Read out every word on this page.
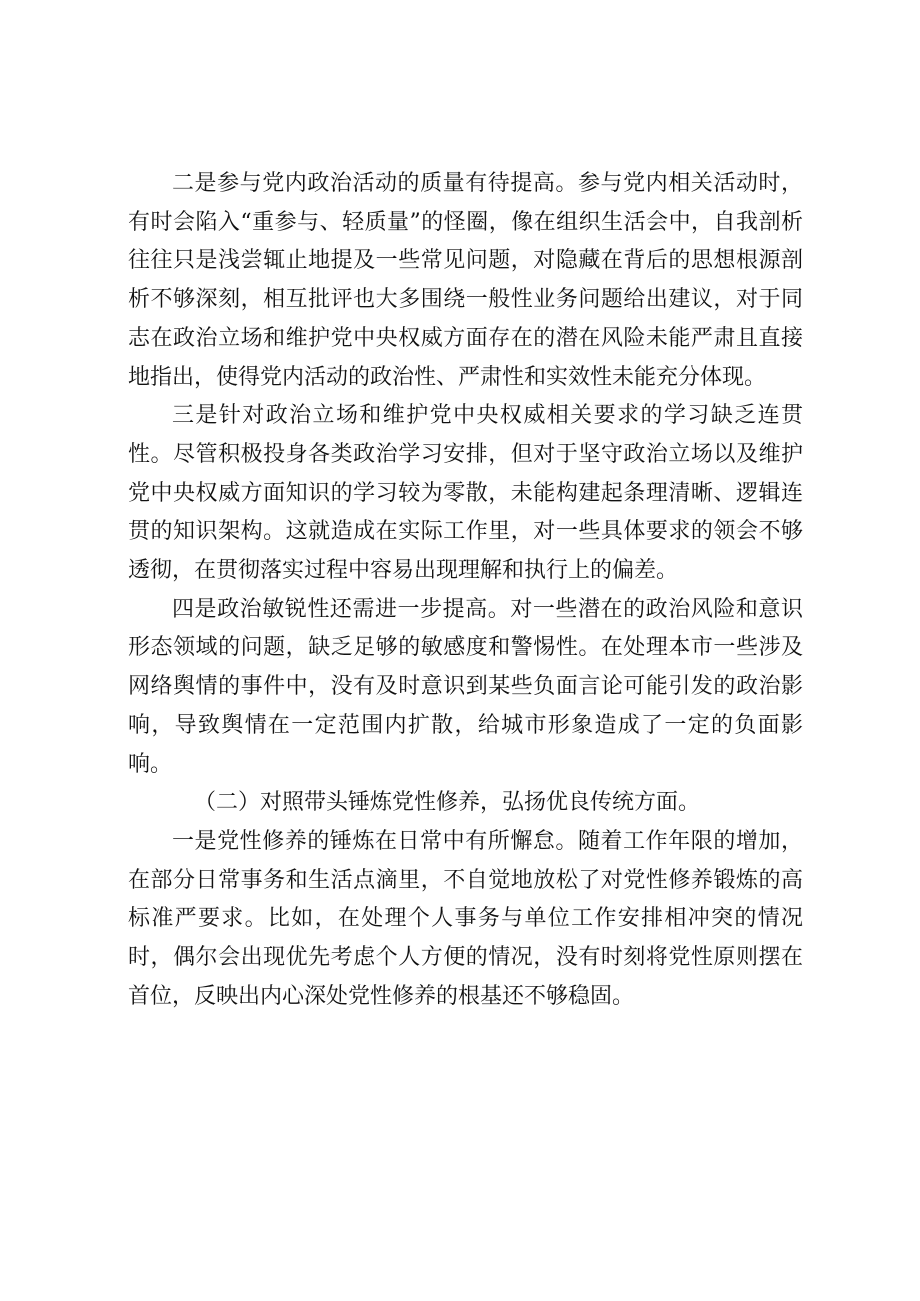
二是参与党内政治活动的质量有待提高。参与党内相关活动时，有时会陷入“重参与、轻质量”的怪圈，像在组织生活会中，自我剖析往往只是浅尝辄止地提及一些常见问题，对隐藏在背后的思想根源剖析不够深刻，相互批评也大多围绕一般性业务问题给出建议，对于同志在政治立场和维护党中央权威方面存在的潜在风险未能严肃且直接地指出，使得党内活动的政治性、严肃性和实效性未能充分体现。

三是针对政治立场和维护党中央权威相关要求的学习缺乏连贯性。尽管积极投身各类政治学习安排，但对于坚守政治立场以及维护党中央权威方面知识的学习较为零散，未能构建起条理清晰、逻辑连贯的知识架构。这就造成在实际工作里，对一些具体要求的领会不够透彻，在贯彻落实过程中容易出现理解和执行上的偏差。

四是政治敏锐性还需进一步提高。对一些潜在的政治风险和意识形态领域的问题，缺乏足够的敏感度和警惕性。在处理本市一些涉及网络舆情的事件中，没有及时意识到某些负面言论可能引发的政治影响，导致舆情在一定范围内扩散，给城市形象造成了一定的负面影响。

（二）对照带头锤炼党性修养，弘扬优良传统方面。

一是党性修养的锤炼在日常中有所懈怠。随着工作年限的增加，在部分日常事务和生活点滴里，不自觉地放松了对党性修养锻炼的高标准严要求。比如，在处理个人事务与单位工作安排相冲突的情况时，偶尔会出现优先考虑个人方便的情况，没有时刻将党性原则摆在首位，反映出内心深处党性修养的根基还不够稳固。
